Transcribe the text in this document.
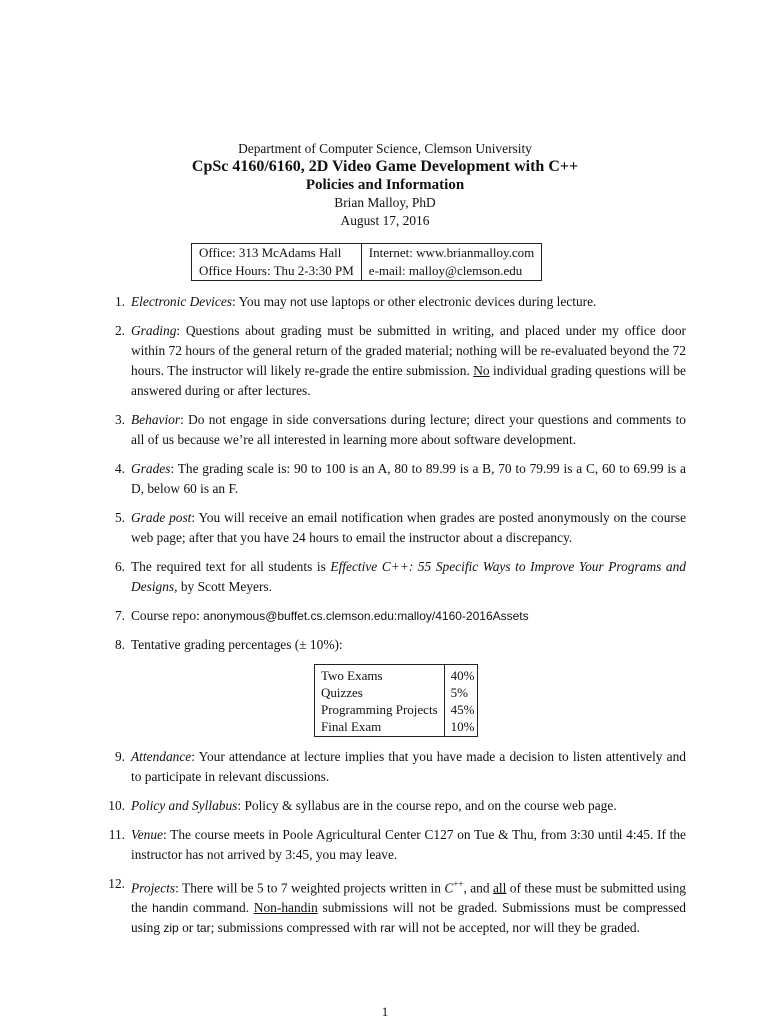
Department of Computer Science, Clemson University
CpSc 4160/6160, 2D Video Game Development with C++
Policies and Information
Brian Malloy, PhD
August 17, 2016
Office: 313 McAdams Hall	Internet: www.brianmalloy.com
Office Hours: Thu 2-3:30 PM	e-mail: malloy@clemson.edu
1. Electronic Devices: You may not use laptops or other electronic devices during lecture.
2. Grading: Questions about grading must be submitted in writing, and placed under my office door within 72 hours of the general return of the graded material; nothing will be re-evaluated beyond the 72 hours. The instructor will likely re-grade the entire submission. No individual grading questions will be answered during or after lectures.
3. Behavior: Do not engage in side conversations during lecture; direct your questions and comments to all of us because we’re all interested in learning more about software development.
4. Grades: The grading scale is: 90 to 100 is an A, 80 to 89.99 is a B, 70 to 79.99 is a C, 60 to 69.99 is a D, below 60 is an F.
5. Grade post: You will receive an email notification when grades are posted anonymously on the course web page; after that you have 24 hours to email the instructor about a discrepancy.
6. The required text for all students is Effective C++: 55 Specific Ways to Improve Your Programs and Designs, by Scott Meyers.
7. Course repo: anonymous@buffet.cs.clemson.edu:malloy/4160-2016Assets
8. Tentative grading percentages (± 10%):
Two Exams	40%
Quizzes	5%
Programming Projects	45%
Final Exam	10%
9. Attendance: Your attendance at lecture implies that you have made a decision to listen attentively and to participate in relevant discussions.
10. Policy and Syllabus: Policy & syllabus are in the course repo, and on the course web page.
11. Venue: The course meets in Poole Agricultural Center C127 on Tue & Thu, from 3:30 until 4:45. If the instructor has not arrived by 3:45, you may leave.
12. Projects: There will be 5 to 7 weighted projects written in C++, and all of these must be submitted using the handin command. Non-handin submissions will not be graded. Submissions must be compressed using zip or tar; submissions compressed with rar will not be accepted, nor will they be graded.
1
